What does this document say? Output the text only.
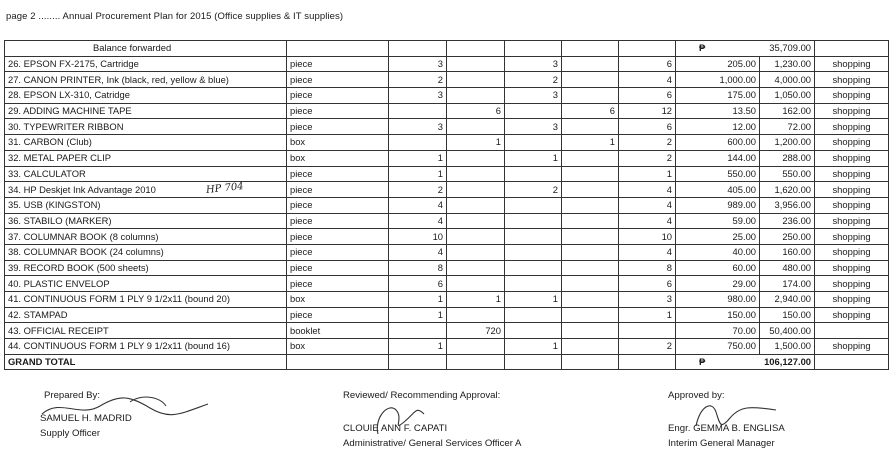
page 2 ........ Annual Procurement Plan for 2015 (Office supplies & IT supplies)
Balance forwarded							₱ 35,709.00		
26. EPSON FX-2175, Cartridge	piece	3		3		6	205.00	1,230.00	shopping
27. CANON PRINTER, Ink (black, red, yellow & blue)	piece	2		2		4	1,000.00	4,000.00	shopping
28. EPSON LX-310, Catridge	piece	3		3		6	175.00	1,050.00	shopping
29. ADDING MACHINE TAPE	piece		6		6	12	13.50	162.00	shopping
30. TYPEWRITER RIBBON	piece	3		3		6	12.00	72.00	shopping
31. CARBON (Club)	box		1		1	2	600.00	1,200.00	shopping
32. METAL PAPER CLIP	box	1		1		2	144.00	288.00	shopping
33. CALCULATOR	piece	1				1	550.00	550.00	shopping
34. HP Deskjet Ink Advantage 2010	piece	2		2		4	405.00	1,620.00	shopping
35. USB (KINGSTON)	piece	4				4	989.00	3,956.00	shopping
36. STABILO (MARKER)	piece	4				4	59.00	236.00	shopping
37. COLUMNAR BOOK (8 columns)	piece	10				10	25.00	250.00	shopping
38. COLUMNAR BOOK (24 columns)	piece	4				4	40.00	160.00	shopping
39. RECORD BOOK (500 sheets)	piece	8				8	60.00	480.00	shopping
40. PLASTIC ENVELOP	piece	6				6	29.00	174.00	shopping
41. CONTINUOUS FORM 1 PLY 9 1/2x11 (bound 20)	box	1	1	1		3	980.00	2,940.00	shopping
42. STAMPAD	piece	1				1	150.00	150.00	shopping
43. OFFICIAL RECEIPT	booklet		720				70.00	50,400.00	
44. CONTINUOUS FORM 1 PLY 9 1/2x11 (bound 16)	box	1		1		2	750.00	1,500.00	shopping
GRAND TOTAL							₱ 106,127.00		
HP 704
Prepared By:
SAMUEL H. MADRID
Supply Officer
Reviewed/ Recommending Approval:
CLOUIE ANN F. CAPATI
Administrative/ General Services Officer A
Approved by:
Engr. GEMMA B. ENGLISA
Interim General Manager
